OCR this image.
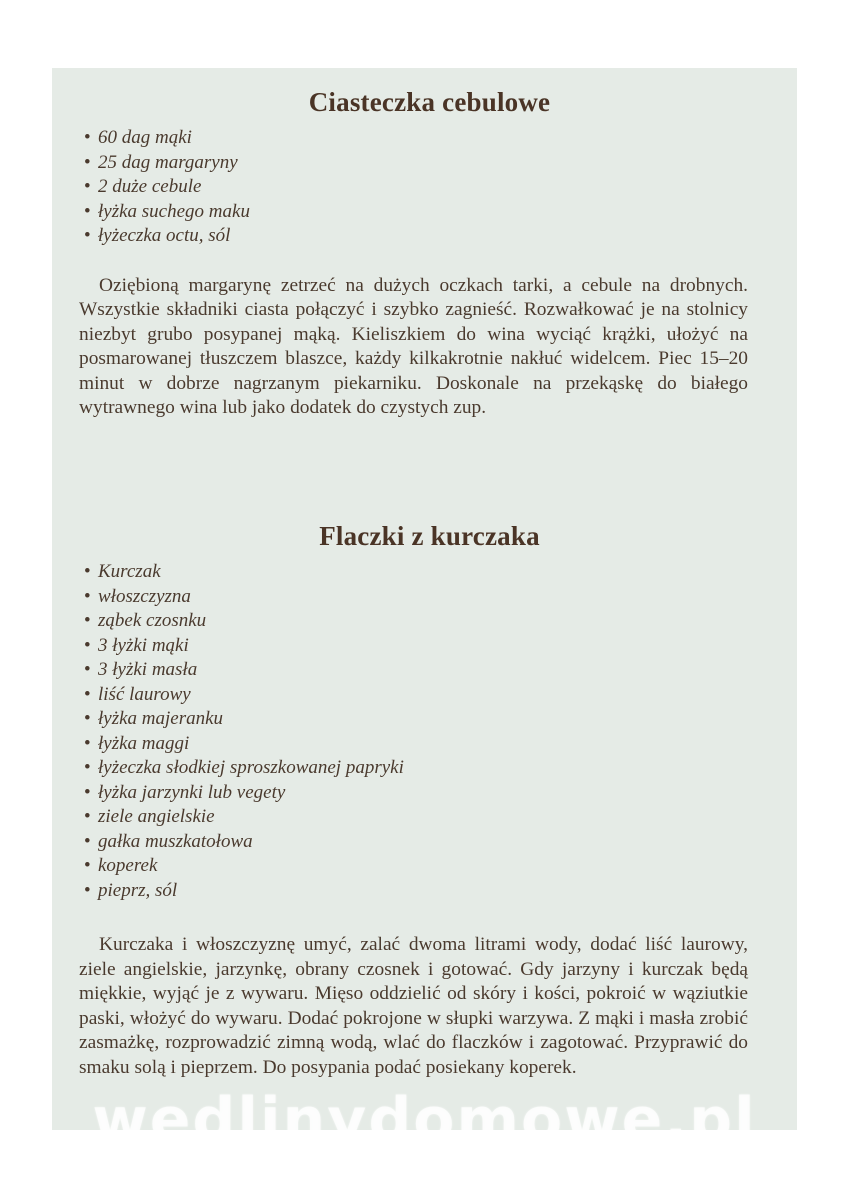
Ciasteczka cebulowe
• 60 dag mąki
• 25 dag margaryny
• 2 duże cebule
• łyżka suchego maku
• łyżeczka octu, sól

Oziębioną margarynę zetrzeć na dużych oczkach tarki, a cebule na drobnych. Wszystkie składniki ciasta połączyć i szybko zagnieść. Rozwałkować je na stolnicy niezbyt grubo posypanej mąką. Kieliszkiem do wina wyciąć krążki, ułożyć na posmarowanej tłuszczem blaszce, każdy kilkakrotnie nakłuć widelcem. Piec 15–20 minut w dobrze nagrzanym piekarniku. Doskonale na przekąskę do białego wytrawnego wina lub jako dodatek do czystych zup.

Flaczki z kurczaka
• Kurczak
• włoszczyzna
• ząbek czosnku
• 3 łyżki mąki
• 3 łyżki masła
• liść laurowy
• łyżka majeranku
• łyżka maggi
• łyżeczka słodkiej sproszkowanej papryki
• łyżka jarzynki lub vegety
• ziele angielskie
• gałka muszkatołowa
• koperek
• pieprz, sól

Kurczaka i włoszczyznę umyć, zalać dwoma litrami wody, dodać liść laurowy, ziele angielskie, jarzynkę, obrany czosnek i gotować. Gdy jarzyny i kurczak będą miękkie, wyjąć je z wywaru. Mięso oddzielić od skóry i kości, pokroić w wąziutkie paski, włożyć do wywaru. Dodać pokrojone w słupki warzywa. Z mąki i masła zrobić zasmażkę, rozprowadzić zimną wodą, wlać do flaczków i zagotować. Przyprawić do smaku solą i pieprzem. Do posypania podać posiekany koperek.

wedlinydomowe.pl
